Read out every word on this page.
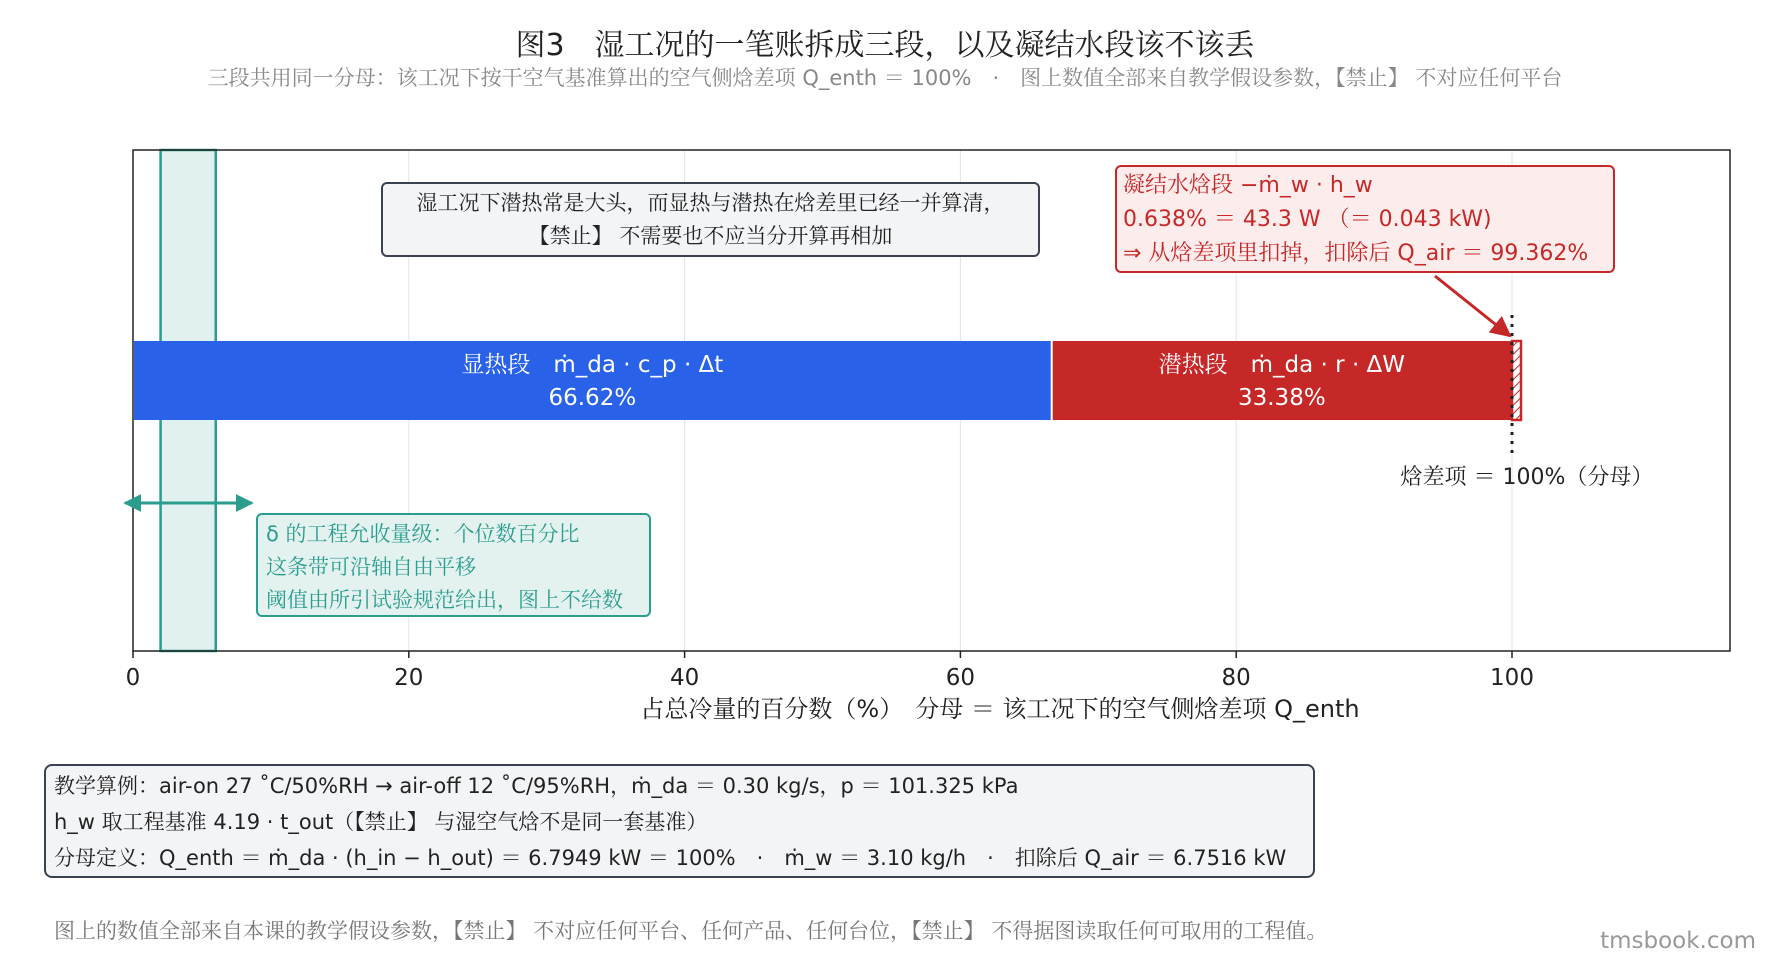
图3　湿工况的一笔账拆成三段，以及凝结水段该不该丢
三段共用同一分母：该工况下按干空气基准算出的空气侧焓差项 Q_enth ＝ 100%　·　图上数值全部来自教学假设参数，【禁止】 不对应任何平台
显热段　ṁ_da · c_p · Δt
66.62%
潜热段　ṁ_da · r · ΔW
33.38%
焓差项 ＝ 100%（分母）
0	20	40	60	80	100
占总冷量的百分数（%）　分母 ＝ 该工况下的空气侧焓差项 Q_enth
湿工况下潜热常是大头，而显热与潜热在焓差里已经一并算清，
【禁止】 不需要也不应当分开算再相加
凝结水焓段 −ṁ_w · h_w
0.638% ＝ 43.3 W （＝ 0.043 kW)
⇒ 从焓差项里扣掉，扣除后 Q_air ＝ 99.362%
δ 的工程允收量级：个位数百分比
这条带可沿轴自由平移
阈值由所引试验规范给出，图上不给数
教学算例：air-on 27 ˚C/50%RH → air-off 12 ˚C/95%RH，ṁ_da ＝ 0.30 kg/s，p ＝ 101.325 kPa
h_w 取工程基准 4.19 · t_out（【禁止】 与湿空气焓不是同一套基准）
分母定义：Q_enth ＝ ṁ_da · (h_in − h_out) ＝ 6.7949 kW ＝ 100%　·　ṁ_w ＝ 3.10 kg/h　·　扣除后 Q_air ＝ 6.7516 kW
图上的数值全部来自本课的教学假设参数，【禁止】 不对应任何平台、任何产品、任何台位，【禁止】 不得据图读取任何可取用的工程值。	tmsbook.com
